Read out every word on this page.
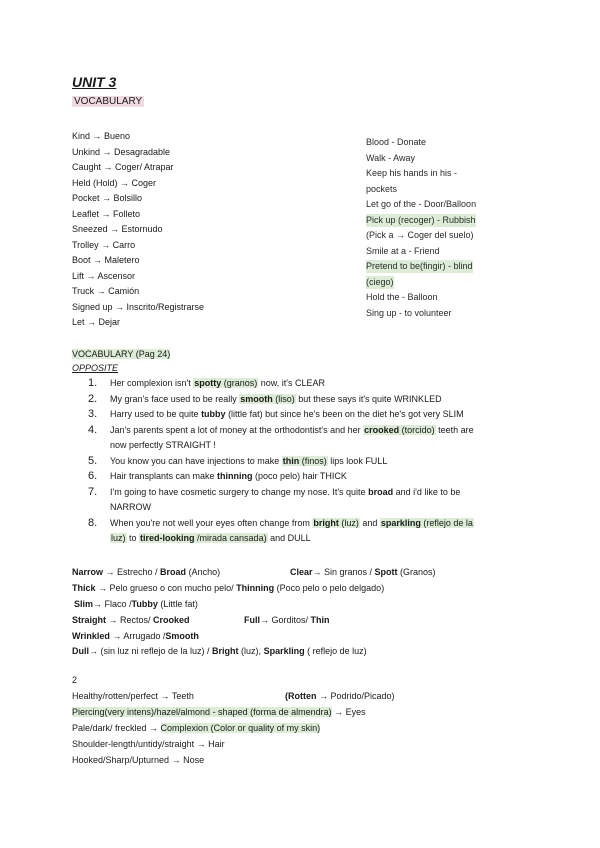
UNIT 3
VOCABULARY
Kind → Bueno
Unkind → Desagradable
Caught → Coger/ Atrapar
Held (Hold) → Coger
Pocket → Bolsillo
Leaflet → Folleto
Sneezed → Estornudo
Trolley → Carro
Boot → Maletero
Lift → Ascensor
Truck → Camión
Signed up → Inscrito/Registrarse
Let → Dejar
Blood - Donate
Walk - Away
Keep his hands in his -
pockets
Let go of the - Door/Balloon
Pick up (recoger) - Rubbish
(Pick a → Coger del suelo)
Smile at a - Friend
Pretend to be(fingir) - blind
(ciego)
Hold the - Balloon
Sing up - to volunteer
VOCABULARY (Pag 24)
OPPOSITE
1. Her complexion isn't spotty (granos) now, it's CLEAR
2. My gran's face used to be really smooth (liso) but these says it's quite WRINKLED
3. Harry used to be quite tubby (little fat) but since he's been on the diet he's got very SLIM
4. Jan's parents spent a lot of money at the orthodontist's and her crooked (torcido) teeth are
now perfectly STRAIGHT !
5. You know you can have injections to make thin (finos) lips look FULL
6. Hair transplants can make thinning (poco pelo) hair THICK
7. I'm going to have cosmetic surgery to change my nose. It's quite broad and i'd like to be
NARROW
8. When you're not well your eyes often change from bright (luz) and sparkling (reflejo de la
luz) to tired-looking /mirada cansada) and DULL
Narrow → Estrecho / Broad (Ancho)	Clear→ Sin granos / Spott (Granos)
Thick → Pelo grueso o con mucho pelo/ Thinning (Poco pelo o pelo delgado)
Slim→ Flaco /Tubby (Little fat)
Straight → Rectos/ Crooked	Full→ Gorditos/ Thin
Wrinkled → Arrugado /Smooth
Dull→ (sin luz ni reflejo de la luz) / Bright (luz), Sparkling ( reflejo de luz)
2
Healthy/rotten/perfect → Teeth	(Rotten → Podrido/Picado)
Piercing(very intens)/hazel/almond - shaped (forma de almendra) → Eyes
Pale/dark/ freckled → Complexion (Color or quality of my skin)
Shoulder-length/untidy/straight → Hair
Hooked/Sharp/Upturned → Nose
